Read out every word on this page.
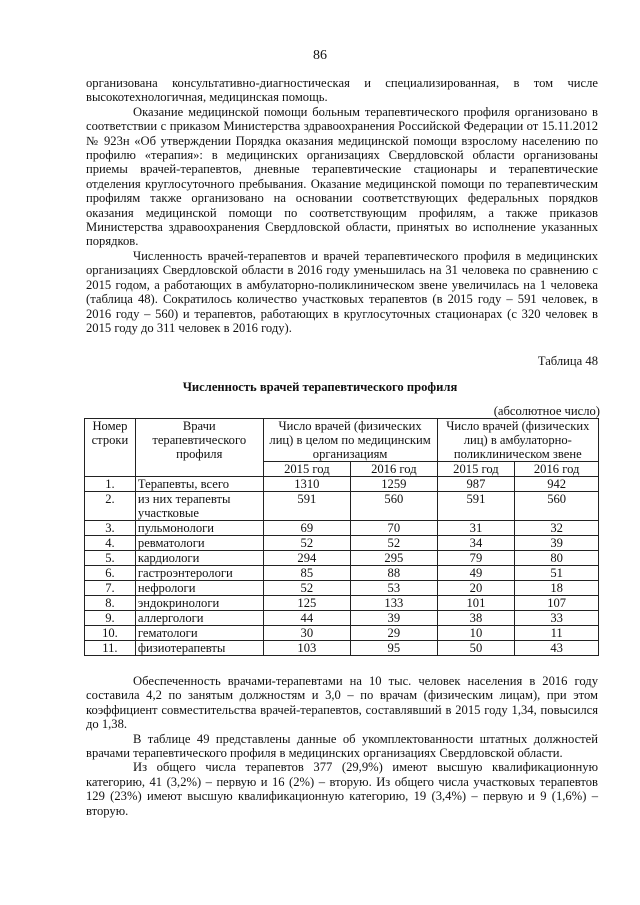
86

организована консультативно-диагностическая и специализированная, в том числе высокотехнологичная, медицинская помощь.

Оказание медицинской помощи больным терапевтического профиля организовано в соответствии с приказом Министерства здравоохранения Российской Федерации от 15.11.2012 № 923н «Об утверждении Порядка оказания медицинской помощи взрослому населению по профилю «терапия»: в медицинских организациях Свердловской области организованы приемы врачей-терапевтов, дневные терапевтические стационары и терапевтические отделения круглосуточного пребывания. Оказание медицинской помощи по терапевтическим профилям также организовано на основании соответствующих федеральных порядков оказания медицинской помощи по соответствующим профилям, а также приказов Министерства здравоохранения Свердловской области, принятых во исполнение указанных порядков.

Численность врачей-терапевтов и врачей терапевтического профиля в медицинских организациях Свердловской области в 2016 году уменьшилась на 31 человека по сравнению с 2015 годом, а работающих в амбулаторно-поликлиническом звене увеличилась на 1 человека (таблица 48). Сократилось количество участковых терапевтов (в 2015 году – 591 человек, в 2016 году – 560) и терапевтов, работающих в круглосуточных стационарах (с 320 человек в 2015 году до 311 человек в 2016 году).

Таблица 48
Численность врачей терапевтического профиля
(абсолютное число)
Номер строки	Врачи терапевтического профиля	Число врачей (физических лиц) в целом по медицинским организациям		Число врачей (физических лиц) в амбулаторно-поликлиническом звене	
		2015 год	2016 год	2015 год	2016 год
1.	Терапевты, всего	1310	1259	987	942
2.	из них терапевты участковые	591	560	591	560
3.	пульмонологи	69	70	31	32
4.	ревматологи	52	52	34	39
5.	кардиологи	294	295	79	80
6.	гастроэнтерологи	85	88	49	51
7.	нефрологи	52	53	20	18
8.	эндокринологи	125	133	101	107
9.	аллергологи	44	39	38	33
10.	гематологи	30	29	10	11
11.	физиотерапевты	103	95	50	43

Обеспеченность врачами-терапевтами на 10 тыс. человек населения в 2016 году составила 4,2 по занятым должностям и 3,0 – по врачам (физическим лицам), при этом коэффициент совместительства врачей-терапевтов, составлявший в 2015 году 1,34, повысился до 1,38.

В таблице 49 представлены данные об укомплектованности штатных должностей врачами терапевтического профиля в медицинских организациях Свердловской области.

Из общего числа терапевтов 377 (29,9%) имеют высшую квалификационную категорию, 41 (3,2%) – первую и 16 (2%) – вторую. Из общего числа участковых терапевтов 129 (23%) имеют высшую квалификационную категорию, 19 (3,4%) – первую и 9 (1,6%) – вторую.
